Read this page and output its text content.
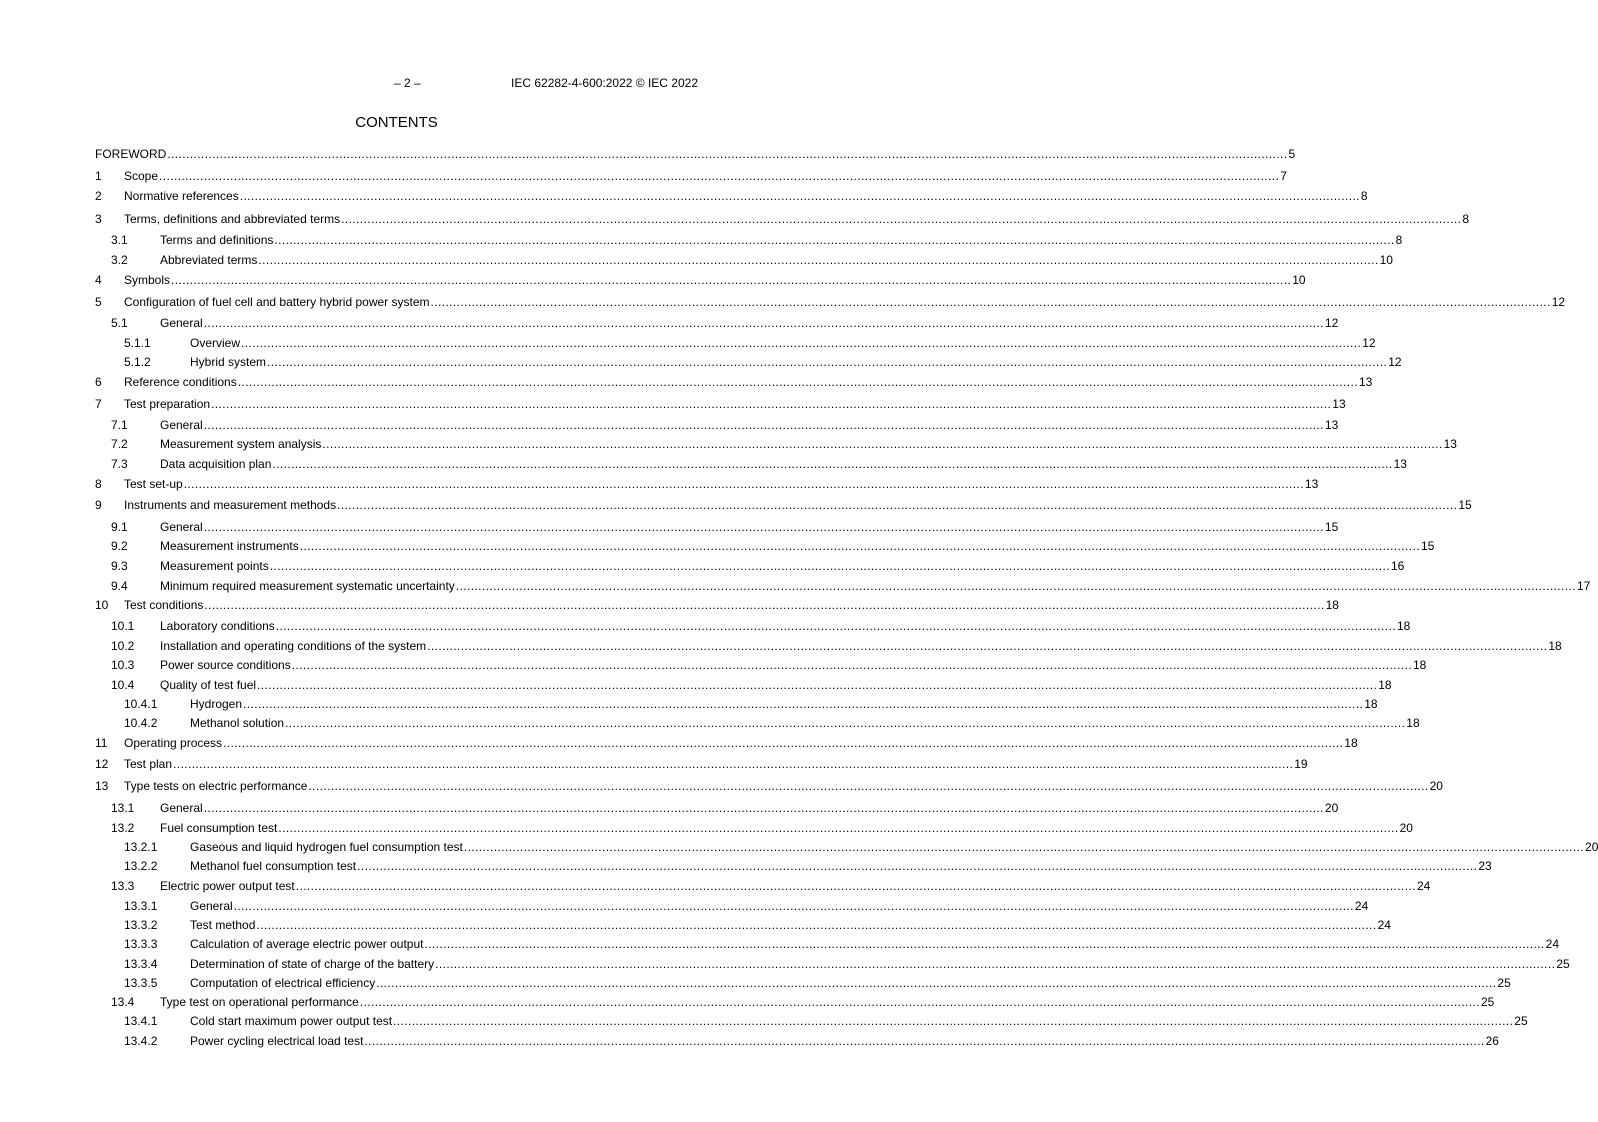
– 2 –	IEC 62282-4-600:2022 © IEC 2022
CONTENTS
FOREWORD ............................................................................................................................................................................................................................................................................................................ 5
1 Scope ............................................................................................................................................................................................................................................................................................................ 7
2 Normative references ............................................................................................................................................................................................................................................................................................................ 8
3 Terms, definitions and abbreviated terms ............................................................................................................................................................................................................................................................................................................ 8
3.1	Terms and definitions ............................................................................................................................................................................................................................................................................................................ 8
3.2	Abbreviated terms ............................................................................................................................................................................................................................................................................................................ 10
4 Symbols ............................................................................................................................................................................................................................................................................................................ 10
5 Configuration of fuel cell and battery hybrid power system ............................................................................................................................................................................................................................................................................................................ 12
5.1	General ............................................................................................................................................................................................................................................................................................................ 12
5.1.1	Overview ............................................................................................................................................................................................................................................................................................................ 12
5.1.2	Hybrid system ............................................................................................................................................................................................................................................................................................................ 12
6 Reference conditions ............................................................................................................................................................................................................................................................................................................ 13
7 Test preparation ............................................................................................................................................................................................................................................................................................................ 13
7.1	General ............................................................................................................................................................................................................................................................................................................ 13
7.2	Measurement system analysis ............................................................................................................................................................................................................................................................................................................ 13
7.3	Data acquisition plan ............................................................................................................................................................................................................................................................................................................ 13
8 Test set-up ............................................................................................................................................................................................................................................................................................................ 13
9 Instruments and measurement methods ............................................................................................................................................................................................................................................................................................................ 15
9.1	General ............................................................................................................................................................................................................................................................................................................ 15
9.2	Measurement instruments ............................................................................................................................................................................................................................................................................................................ 15
9.3	Measurement points ............................................................................................................................................................................................................................................................................................................ 16
9.4	Minimum required measurement systematic uncertainty ............................................................................................................................................................................................................................................................................................................ 17
10 Test conditions ............................................................................................................................................................................................................................................................................................................ 18
10.1 Laboratory conditions ............................................................................................................................................................................................................................................................................................................ 18
10.2 Installation and operating conditions of the system ............................................................................................................................................................................................................................................................................................................ 18
10.3 Power source conditions ............................................................................................................................................................................................................................................................................................................ 18
10.4 Quality of test fuel ............................................................................................................................................................................................................................................................................................................ 18
10.4.1	Hydrogen ............................................................................................................................................................................................................................................................................................................ 18
10.4.2	Methanol solution ............................................................................................................................................................................................................................................................................................................ 18
11 Operating process ............................................................................................................................................................................................................................................................................................................ 18
12 Test plan ............................................................................................................................................................................................................................................................................................................ 19
13 Type tests on electric performance ............................................................................................................................................................................................................................................................................................................ 20
13.1 General ............................................................................................................................................................................................................................................................................................................ 20
13.2 Fuel consumption test ............................................................................................................................................................................................................................................................................................................ 20
13.2.1	Gaseous and liquid hydrogen fuel consumption test ............................................................................................................................................................................................................................................................................................................ 20
13.2.2	Methanol fuel consumption test ............................................................................................................................................................................................................................................................................................................ 23
13.3 Electric power output test ............................................................................................................................................................................................................................................................................................................ 24
13.3.1	General ............................................................................................................................................................................................................................................................................................................ 24
13.3.2	Test method ............................................................................................................................................................................................................................................................................................................ 24
13.3.3	Calculation of average electric power output ............................................................................................................................................................................................................................................................................................................ 24
13.3.4	Determination of state of charge of the battery ............................................................................................................................................................................................................................................................................................................ 25
13.3.5	Computation of electrical efficiency ............................................................................................................................................................................................................................................................................................................ 25
13.4 Type test on operational performance ............................................................................................................................................................................................................................................................................................................ 25
13.4.1	Cold start maximum power output test ............................................................................................................................................................................................................................................................................................................ 25
13.4.2	Power cycling electrical load test ............................................................................................................................................................................................................................................................................................................ 26
